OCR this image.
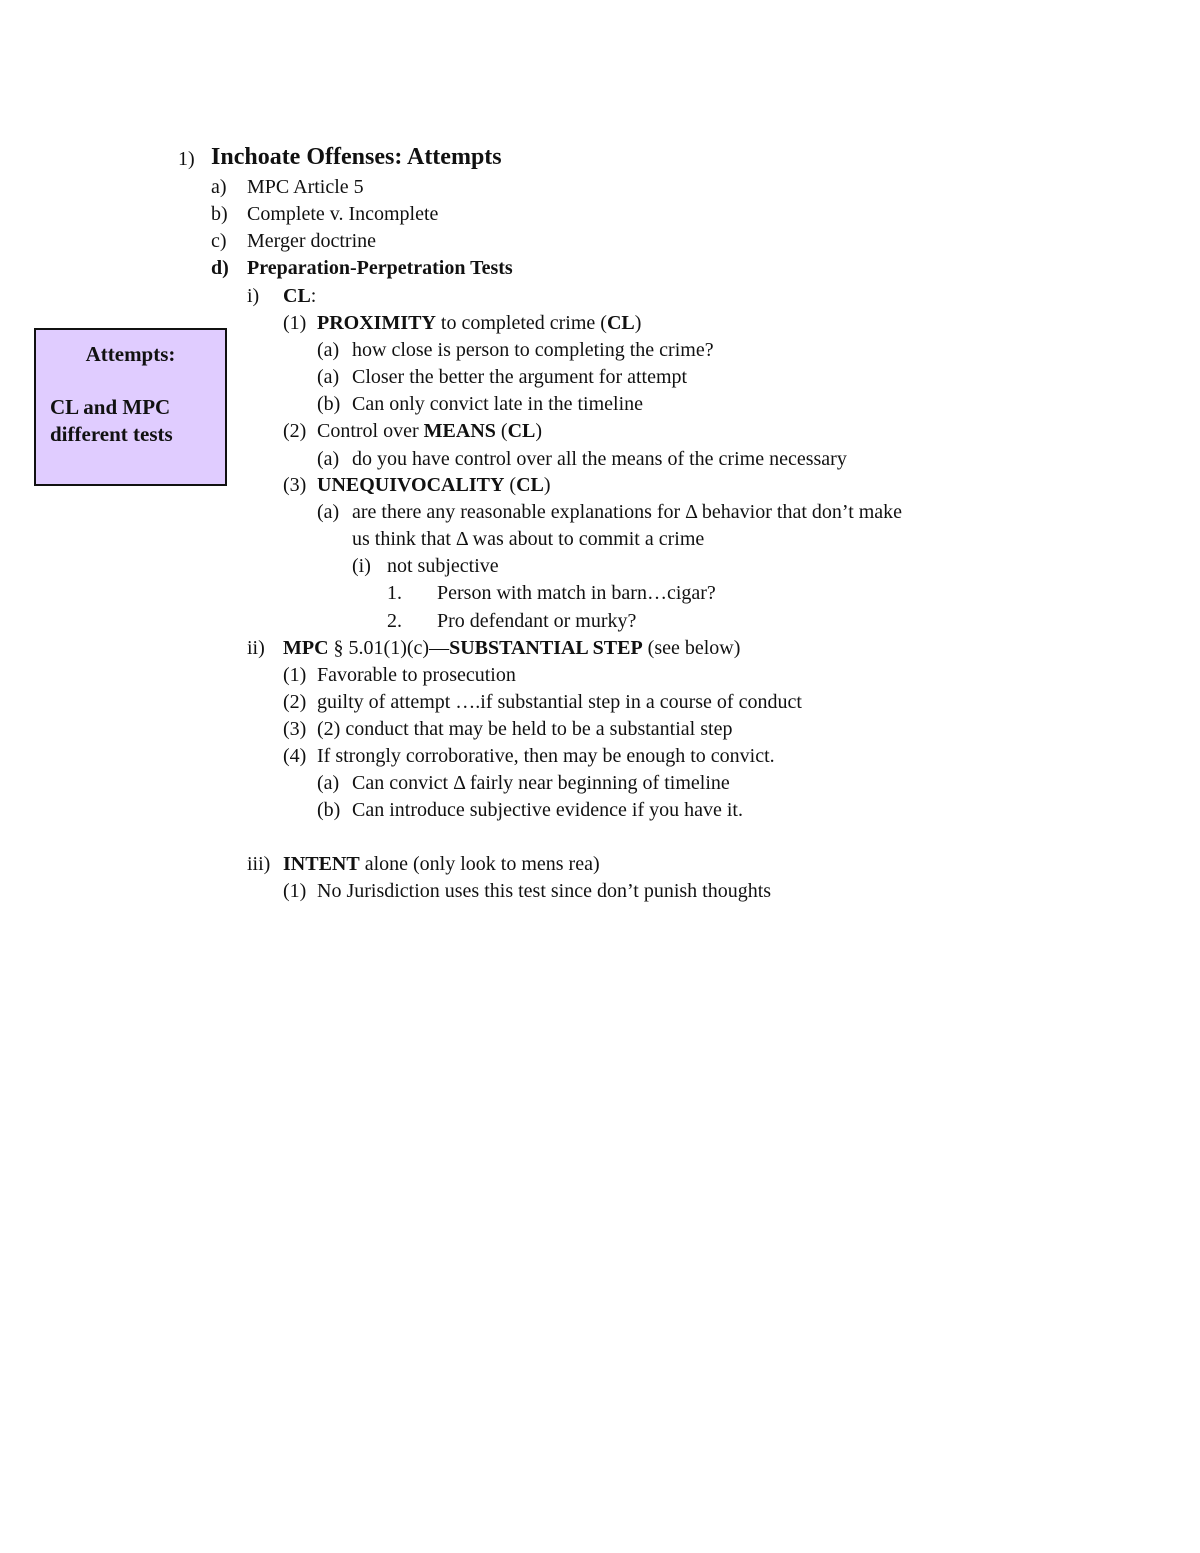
Attempts:
CL and MPC
different tests
1) Inchoate Offenses: Attempts
a) MPC Article 5
b) Complete v. Incomplete
c) Merger doctrine
d) Preparation-Perpetration Tests
i) CL:
(1) PROXIMITY to completed crime (CL)
(a) how close is person to completing the crime?
(a) Closer the better the argument for attempt
(b) Can only convict late in the timeline
(2) Control over MEANS (CL)
(a) do you have control over all the means of the crime necessary
(3) UNEQUIVOCALITY (CL)
(a) are there any reasonable explanations for Δ behavior that don’t make
us think that Δ was about to commit a crime
(i) not subjective
1. Person with match in barn…cigar?
2. Pro defendant or murky?
ii) MPC § 5.01(1)(c)—SUBSTANTIAL STEP (see below)
(1) Favorable to prosecution
(2) guilty of attempt ….if substantial step in a course of conduct
(3) (2) conduct that may be held to be a substantial step
(4) If strongly corroborative, then may be enough to convict.
(a) Can convict Δ fairly near beginning of timeline
(b) Can introduce subjective evidence if you have it.
iii) INTENT alone (only look to mens rea)
(1) No Jurisdiction uses this test since don’t punish thoughts
